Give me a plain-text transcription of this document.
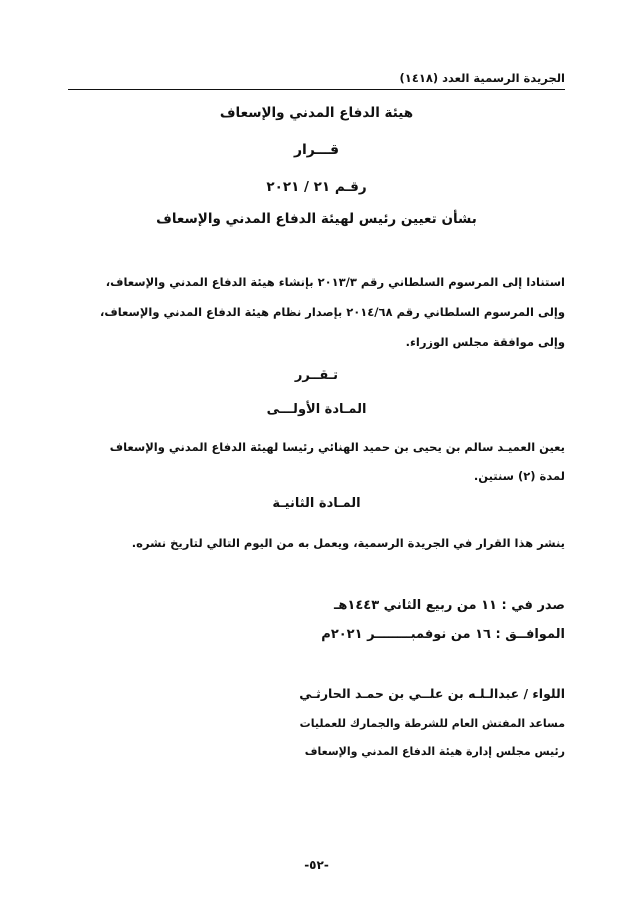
الجريدة الرسمية العدد (١٤١٨)
هيئة الدفاع المدني والإسعاف
قـــرار
رقـم ٢١ / ٢٠٢١
بشأن تعيين رئيس لهيئة الدفاع المدني والإسعاف
استنادا إلى المرسوم السلطاني رقم ٢٠١٣/٣ بإنشاء هيئة الدفاع المدني والإسعاف،
وإلى المرسوم السلطاني رقم ٢٠١٤/٦٨ بإصدار نظام هيئة الدفاع المدني والإسعاف،
وإلى موافقة مجلس الوزراء.
تـقــرر
المـادة الأولـــى
يعين العميـد سالم بن يحيى بن حميد الهنائي رئيسا لهيئة الدفاع المدني والإسعاف
لمدة (٢) سنتين.
المـادة الثانيـة
ينشر هذا القرار في الجريدة الرسمية، ويعمل به من اليوم التالي لتاريخ نشره.
صدر في : ١١ من ربيع الثاني ١٤٤٣هـ
الموافــق : ١٦ من نوفمبــــــــر ٢٠٢١م
اللواء / عبدالـلـه بن علــي بن حمـد الحارثـي
مساعد المفتش العام للشرطة والجمارك للعمليات
رئيس مجلس إدارة هيئة الدفاع المدني والإسعاف
-٥٢-
